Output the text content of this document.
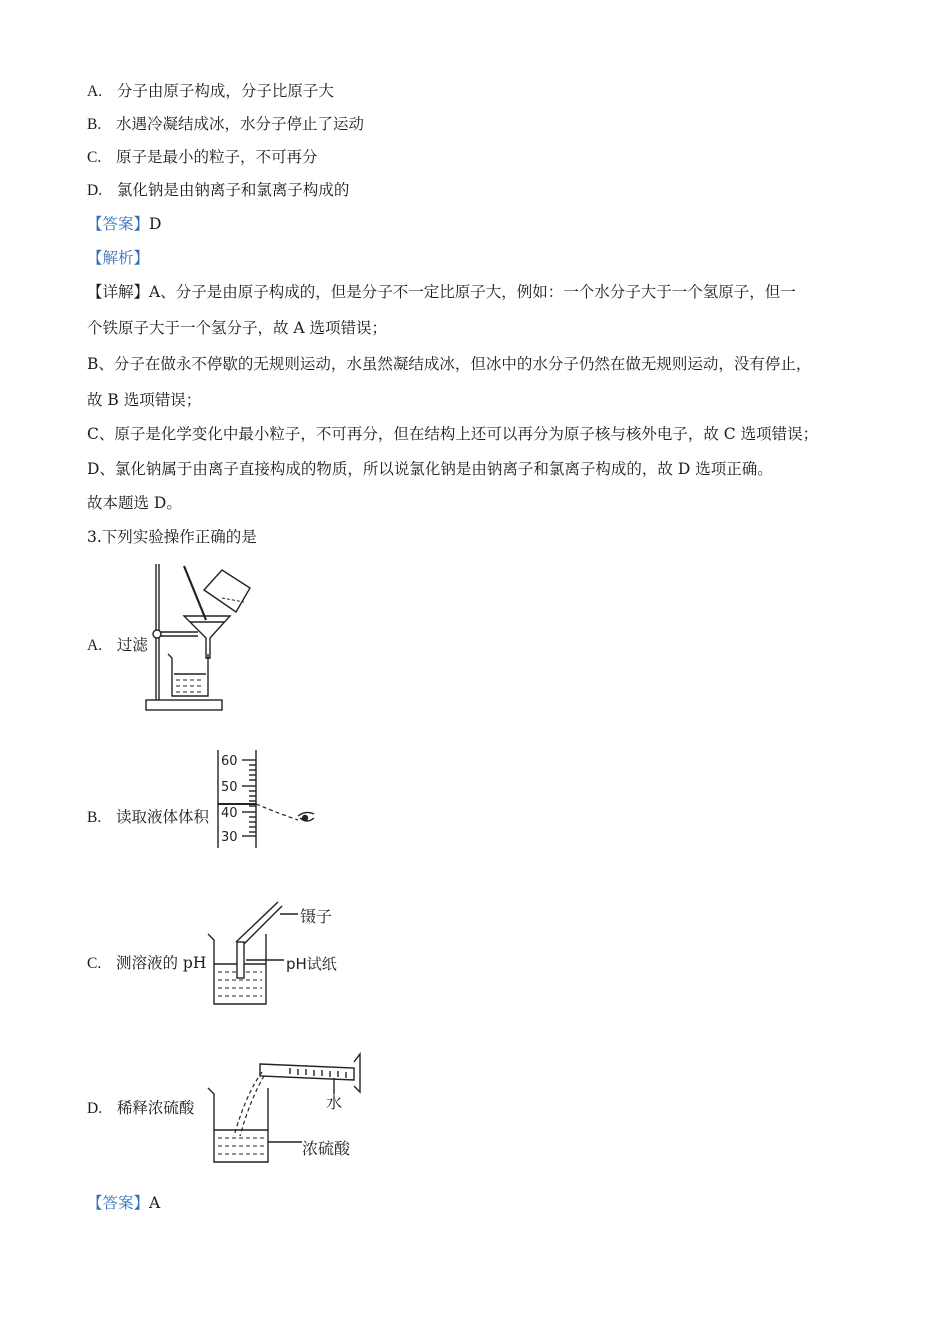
A. 分子由原子构成，分子比原子大
B. 水遇冷凝结成冰，水分子停止了运动
C. 原子是最小的粒子，不可再分
D. 氯化钠是由钠离子和氯离子构成的
【答案】D
【解析】
【详解】A、分子是由原子构成的，但是分子不一定比原子大，例如：一个水分子大于一个氢原子，但一
个铁原子大于一个氢分子，故 A 选项错误；
B、分子在做永不停歇的无规则运动，水虽然凝结成冰，但冰中的水分子仍然在做无规则运动，没有停止，
故 B 选项错误；
C、原子是化学变化中最小粒子，不可再分，但在结构上还可以再分为原子核与核外电子，故 C 选项错误；
D、氯化钠属于由离子直接构成的物质，所以说氯化钠是由钠离子和氯离子构成的，故 D 选项正确。
故本题选 D。
3.下列实验操作正确的是
A. 过滤
B. 读取液体体积
C. 测溶液的 pH
D. 稀释浓硫酸
60
50
40
30
镊子
pH试纸
水
浓硫酸
【答案】A
